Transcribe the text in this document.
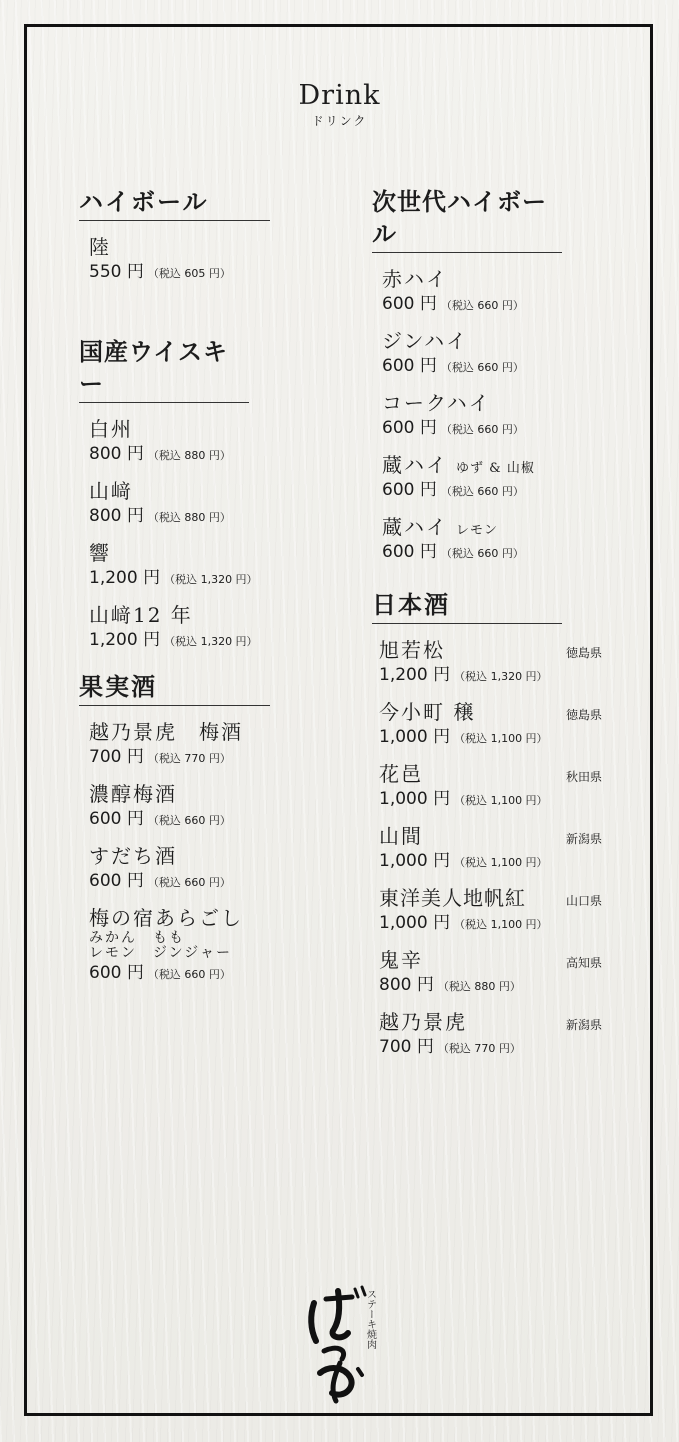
Drink
ドリンク
ハイボール
陸
550 円 （税込 605 円）
国産ウイスキー
白州
800 円 （税込 880 円）
山﨑
800 円 （税込 880 円）
響
1,200 円 （税込 1,320 円）
山﨑12 年
1,200 円 （税込 1,320 円）
果実酒
越乃景虎　梅酒
700 円 （税込 770 円）
濃醇梅酒
600 円 （税込 660 円）
すだち酒
600 円 （税込 660 円）
梅の宿あらごし
みかん　もも
レモン　ジンジャー
600 円 （税込 660 円）
次世代ハイボール
赤ハイ
600 円 （税込 660 円）
ジンハイ
600 円 （税込 660 円）
コークハイ
600 円 （税込 660 円）
蔵ハイ ゆず & 山椒
600 円 （税込 660 円）
蔵ハイ レモン
600 円 （税込 660 円）
日本酒
旭若松	徳島県
1,200 円 （税込 1,320 円）
今小町 穣	徳島県
1,000 円 （税込 1,100 円）
花邑	秋田県
1,000 円 （税込 1,100 円）
山間	新潟県
1,000 円 （税込 1,100 円）
東洋美人地帆紅	山口県
1,000 円 （税込 1,100 円）
鬼辛	高知県
800 円 （税込 880 円）
越乃景虎	新潟県
700 円 （税込 770 円）
ステーキ焼肉
